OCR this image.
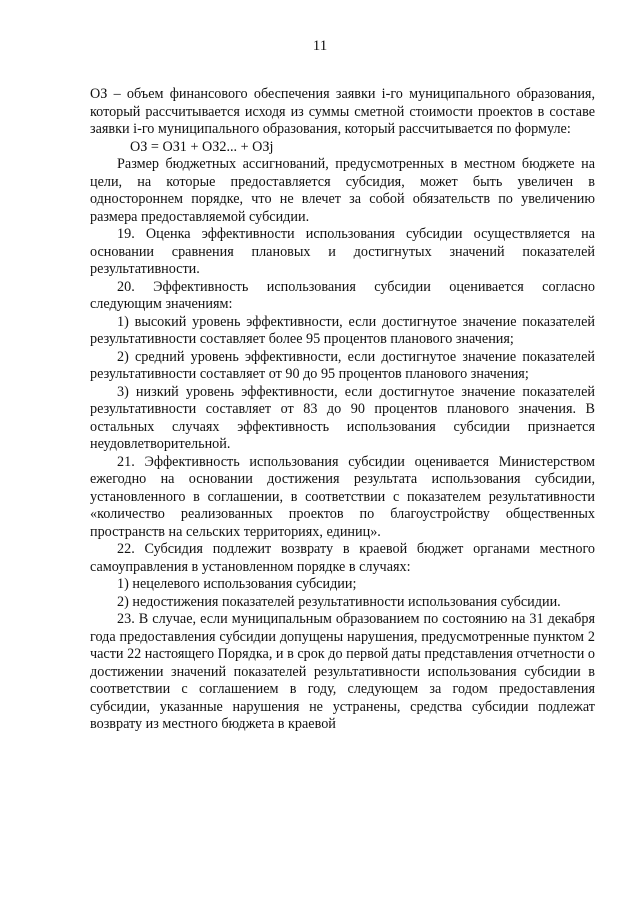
11

ОЗ – объем финансового обеспечения заявки i-го муниципального образования, который рассчитывается исходя из суммы сметной стоимости проектов в составе заявки i-го муниципального образования, который рассчитывается по формуле:

ОЗ = ОЗ1 + ОЗ2... + ОЗj

Размер бюджетных ассигнований, предусмотренных в местном бюджете на цели, на которые предоставляется субсидия, может быть увеличен в одностороннем порядке, что не влечет за собой обязательств по увеличению размера предоставляемой субсидии.

19. Оценка эффективности использования субсидии осуществляется на основании сравнения плановых и достигнутых значений показателей результативности.

20. Эффективность использования субсидии оценивается согласно следующим значениям:

1) высокий уровень эффективности, если достигнутое значение показателей результативности составляет более 95 процентов планового значения;

2) средний уровень эффективности, если достигнутое значение показателей результативности составляет от 90 до 95 процентов планового значения;

3) низкий уровень эффективности, если достигнутое значение показателей результативности составляет от 83 до 90 процентов планового значения. В остальных случаях эффективность использования субсидии признается неудовлетворительной.

21. Эффективность использования субсидии оценивается Министерством ежегодно на основании достижения результата использования субсидии, установленного в соглашении, в соответствии с показателем результативности «количество реализованных проектов по благоустройству общественных пространств на сельских территориях, единиц».

22. Субсидия подлежит возврату в краевой бюджет органами местного самоуправления в установленном порядке в случаях:

1) нецелевого использования субсидии;

2) недостижения показателей результативности использования субсидии.

23. В случае, если муниципальным образованием по состоянию на 31 декабря года предоставления субсидии допущены нарушения, предусмотренные пунктом 2 части 22 настоящего Порядка, и в срок до первой даты представления отчетности о достижении значений показателей результативности использования субсидии в соответствии с соглашением в году, следующем за годом предоставления субсидии, указанные нарушения не устранены, средства субсидии подлежат возврату из местного бюджета в краевой
